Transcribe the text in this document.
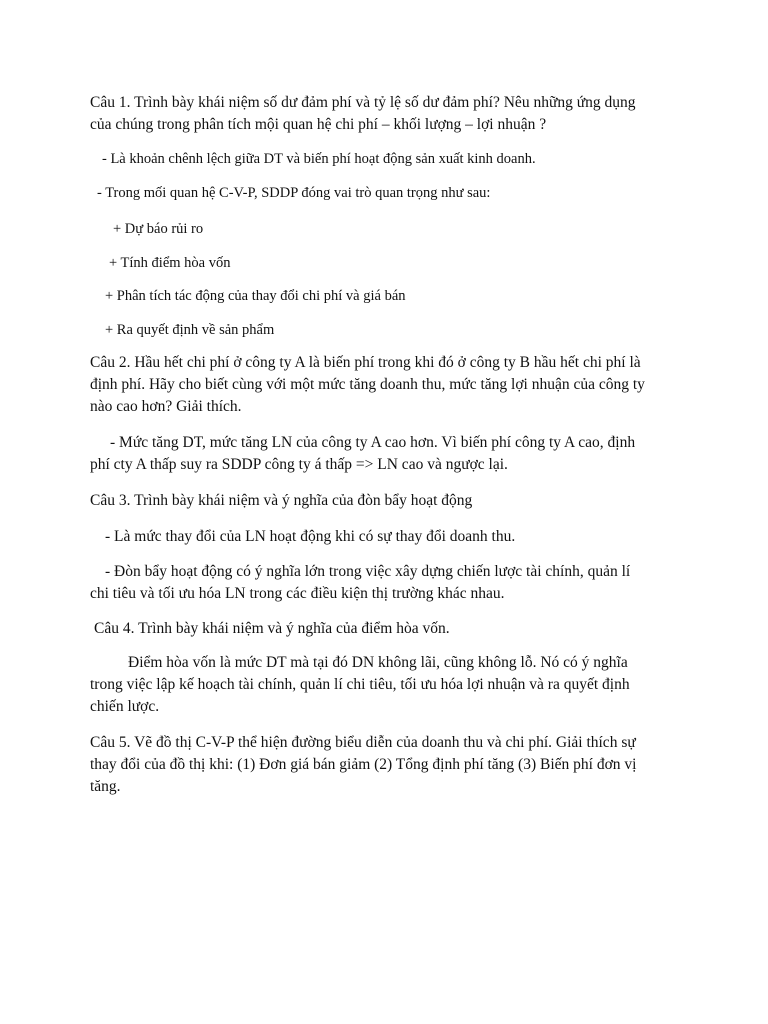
Câu 1. Trình bày khái niệm số dư đảm phí và tỷ lệ số dư đảm phí? Nêu những ứng dụng
của chúng trong phân tích mội quan hệ chi phí – khối lượng – lợi nhuận ?
- Là khoản chênh lệch giữa DT và biến phí hoạt động sản xuất kinh doanh.
- Trong mối quan hệ C-V-P, SDDP đóng vai trò quan trọng như sau:
+ Dự báo rủi ro
+ Tính điểm hòa vốn
+ Phân tích tác động của thay đổi chi phí và giá bán
+ Ra quyết định về sản phẩm
Câu 2. Hầu hết chi phí ở công ty A là biến phí trong khi đó ở công ty B hầu hết chi phí là
định phí. Hãy cho biết cùng với một mức tăng doanh thu, mức tăng lợi nhuận của công ty
nào cao hơn? Giải thích.
- Mức tăng DT, mức tăng LN của công ty A cao hơn. Vì biến phí công ty A cao, định
phí cty A thấp suy ra SDDP công ty á thấp => LN cao và ngược lại.
Câu 3. Trình bày khái niệm và ý nghĩa của đòn bẩy hoạt động
- Là mức thay đổi của LN hoạt động khi có sự thay đổi doanh thu.
- Đòn bẩy hoạt động có ý nghĩa lớn trong việc xây dựng chiến lược tài chính, quản lí
chi tiêu và tối ưu hóa LN trong các điều kiện thị trường khác nhau.
Câu 4. Trình bày khái niệm và ý nghĩa của điểm hòa vốn.
Điểm hòa vốn là mức DT mà tại đó DN không lãi, cũng không lỗ. Nó có ý nghĩa
trong việc lập kế hoạch tài chính, quản lí chi tiêu, tối ưu hóa lợi nhuận và ra quyết định
chiến lược.
Câu 5. Vẽ đồ thị C-V-P thể hiện đường biểu diễn của doanh thu và chi phí. Giải thích sự
thay đổi của đồ thị khi: (1) Đơn giá bán giảm (2) Tổng định phí tăng (3) Biến phí đơn vị
tăng.
